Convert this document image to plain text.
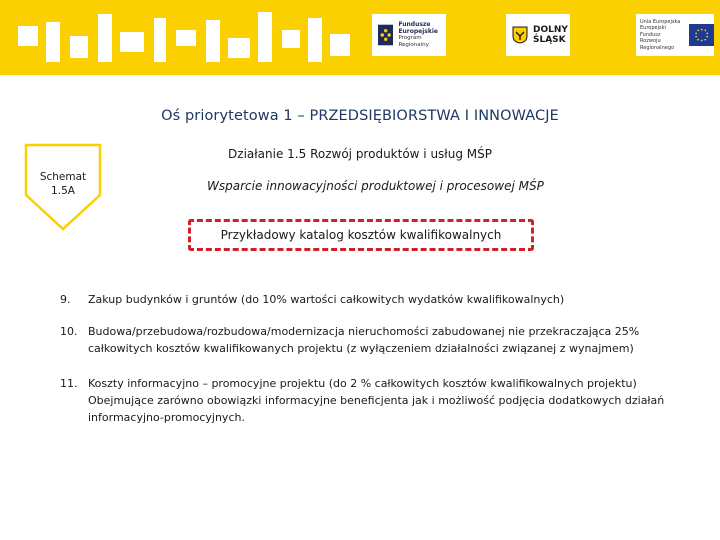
Fundusze
Europejskie
Program Regionalny
DOLNY
ŚLĄSK
Unia Europejska
Europejski Fundusz
Rozwoju Regionalnego
Oś priorytetowa 1 – PRZEDSIĘBIORSTWA I INNOWACJE
Schemat
1.5A
Działanie 1.5 Rozwój produktów i usług MŚP
Wsparcie innowacyjności produktowej i procesowej MŚP
Przykładowy katalog kosztów kwalifikowalnych
9. Zakup budynków i gruntów (do 10% wartości całkowitych wydatków kwalifikowalnych)
10. Budowa/przebudowa/rozbudowa/modernizacja nieruchomości zabudowanej nie przekraczająca 25% całkowitych kosztów kwalifikowanych projektu (z wyłączeniem działalności związanej z wynajmem)
11. Koszty informacyjno – promocyjne projektu (do 2 % całkowitych kosztów kwalifikowalnych projektu) Obejmujące zarówno obowiązki informacyjne beneficjenta jak i możliwość podjęcia dodatkowych działań informacyjno-promocyjnych.
